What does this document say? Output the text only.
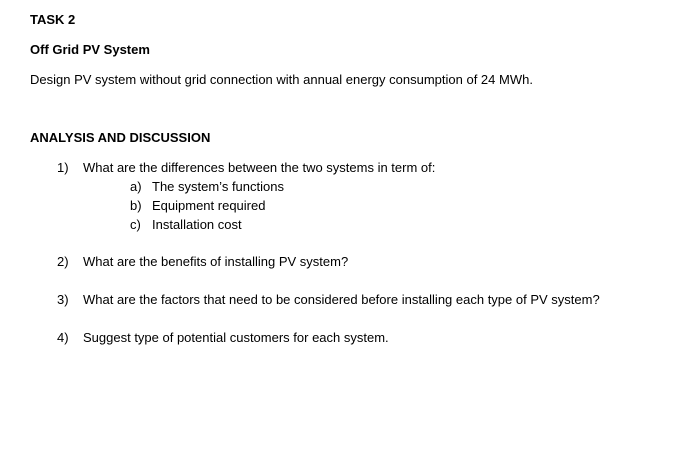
TASK 2
Off Grid PV System
Design PV system without grid connection with annual energy consumption of 24 MWh.
ANALYSIS AND DISCUSSION
1) What are the differences between the two systems in term of:
a) The system’s functions
b) Equipment required
c) Installation cost
2) What are the benefits of installing PV system?
3) What are the factors that need to be considered before installing each type of PV system?
4) Suggest type of potential customers for each system.
